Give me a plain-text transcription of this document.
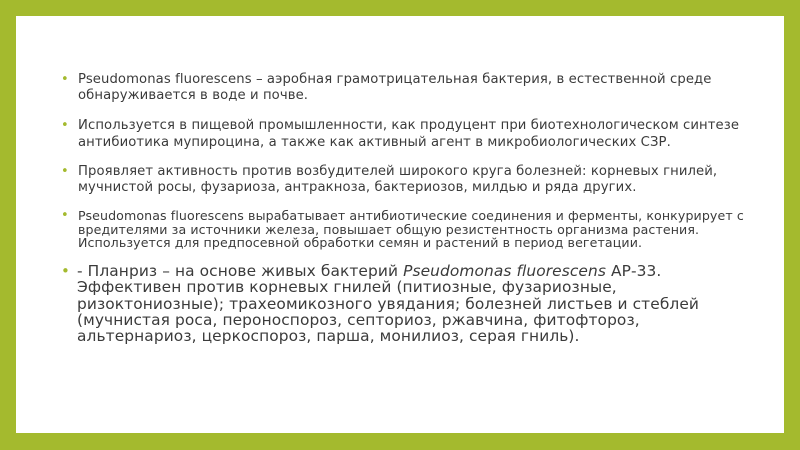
• Pseudomonas fluorescens – аэробная грамотрицательная бактерия, в естественной среде обнаруживается в воде и почве.
• Используется в пищевой промышленности, как продуцент при биотехнологическом синтезе антибиотика мупироцина, а также как активный агент в микробиологических СЗР.
• Проявляет активность против возбудителей широкого круга болезней: корневых гнилей, мучнистой росы, фузариоза, антракноза, бактериозов, милдью и ряда других.
• Pseudomonas fluorescens вырабатывает антибиотические соединения и ферменты, конкурирует с вредителями за источники железа, повышает общую резистентность организма растения. Используется для предпосевной обработки семян и растений в период вегетации.
• - Планриз – на основе живых бактерий Pseudomonas fluorescens АР-33. Эффективен против корневых гнилей (питиозные, фузариозные, ризоктониозные); трахеомикозного увядания; болезней листьев и стеблей (мучнистая роса, пероноспороз, септориоз, ржавчина, фитофтороз, альтернариоз, церкоспороз, парша, монилиоз, серая гниль).
